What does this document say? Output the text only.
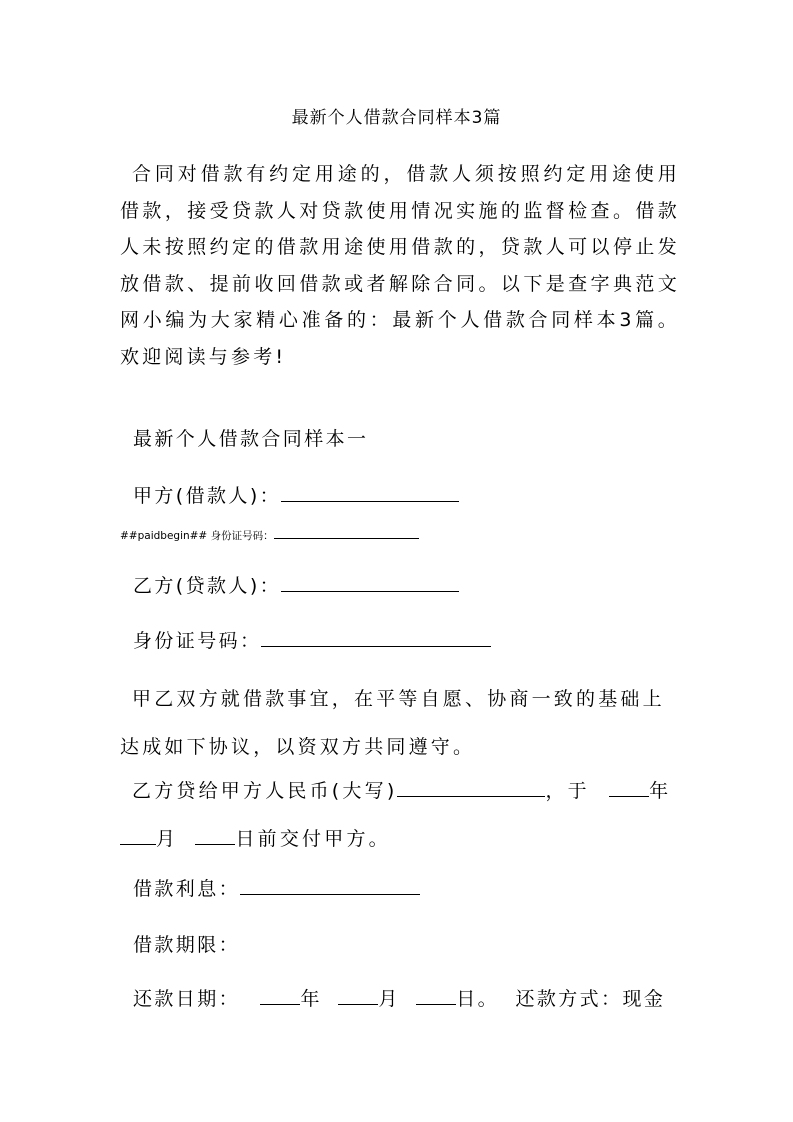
最新个人借款合同样本3篇
合同对借款有约定用途的，借款人须按照约定用途使用借款，接受贷款人对贷款使用情况实施的监督检查。借款人未按照约定的借款用途使用借款的，贷款人可以停止发放借款、提前收回借款或者解除合同。以下是查字典范文网小编为大家精心准备的：最新个人借款合同样本3篇。欢迎阅读与参考!
最新个人借款合同样本一
甲方(借款人)：
##paidbegin## 身份证号码：
乙方(贷款人)：
身份证号码：
甲乙双方就借款事宜，在平等自愿、协商一致的基础上达成如下协议，以资双方共同遵守。
乙方贷给甲方人民币(大写)	，于	年
月	日前交付甲方。
借款利息：
借款期限：
还款日期：	年	月	日。 还款方式：现金
